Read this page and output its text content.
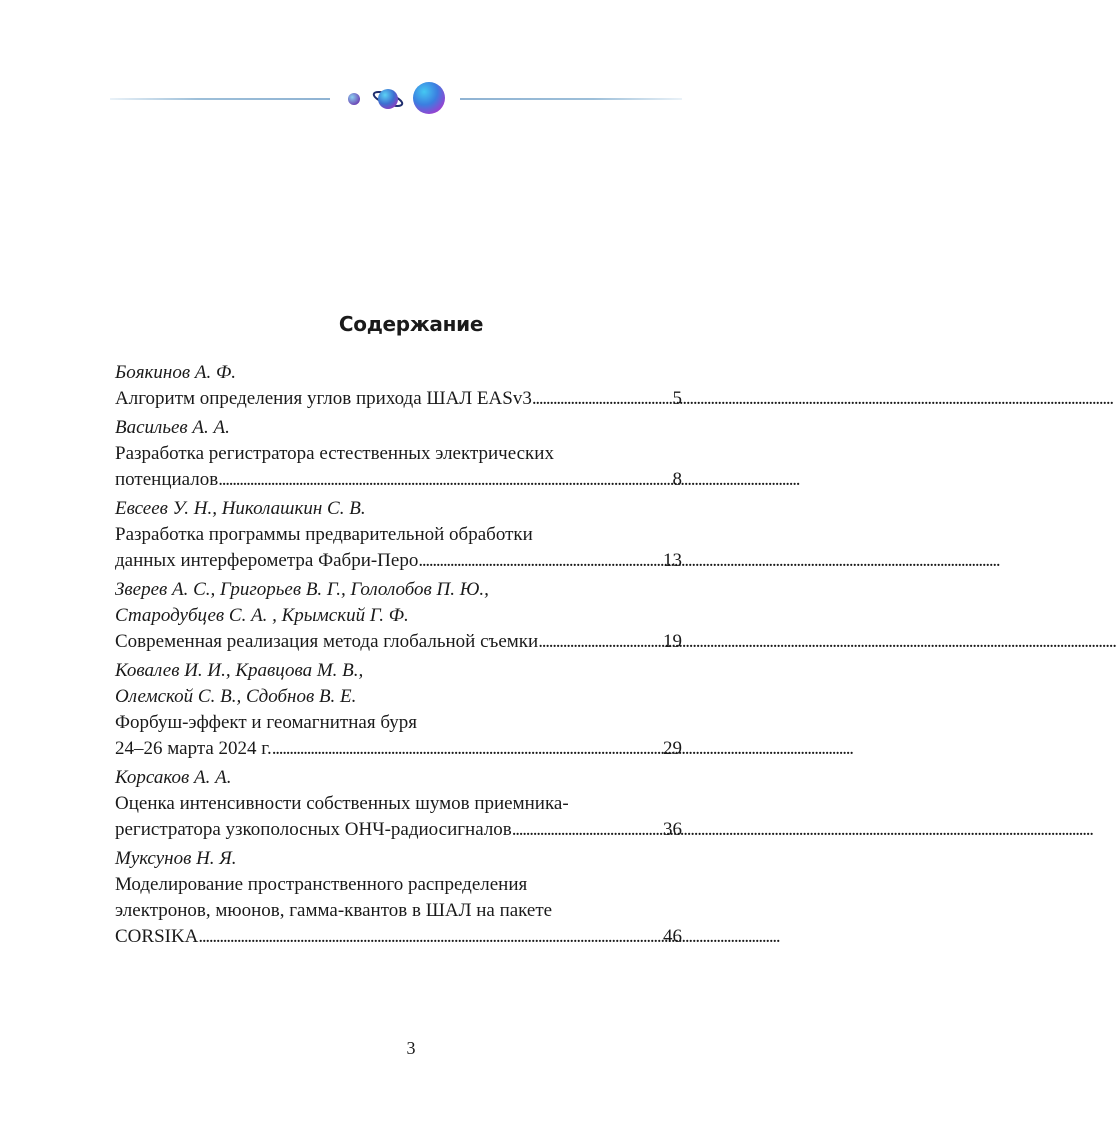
Содержание
Бoякинов А. Ф.
Алгоритм определения углов прихода ШАЛ EASv3 . . .	5
Васильев А. А.
Разработка регистратора естественных электрических
потенциалов . . .	8
Евсеев У. Н., Николашкин С. В.
Разработка программы предварительной обработки
данных интерферометра Фабри-Перо . . .	13
Зверев А. С., Григорьев В. Г., Гололобов П. Ю.,
Стародубцев С. А. , Крымский Г. Ф.
Современная реализация метода глобальной съемки . . .	19
Ковалев И. И., Кравцова М. В.,
Олемской С. В., Сдобнов В. Е.
Форбуш-эффект и геомагнитная буря
24–26 марта 2024 г. . . .	29
Корсаков А. А.
Оценка интенсивности собственных шумов приемника-
регистратора узкополосных ОНЧ-радиосигналов . . .	36
Муксунов Н. Я.
Моделирование пространственного распределения
электронов, мюонов, гамма-квантов в ШАЛ на пакете
CORSIKA . . .	46
3
